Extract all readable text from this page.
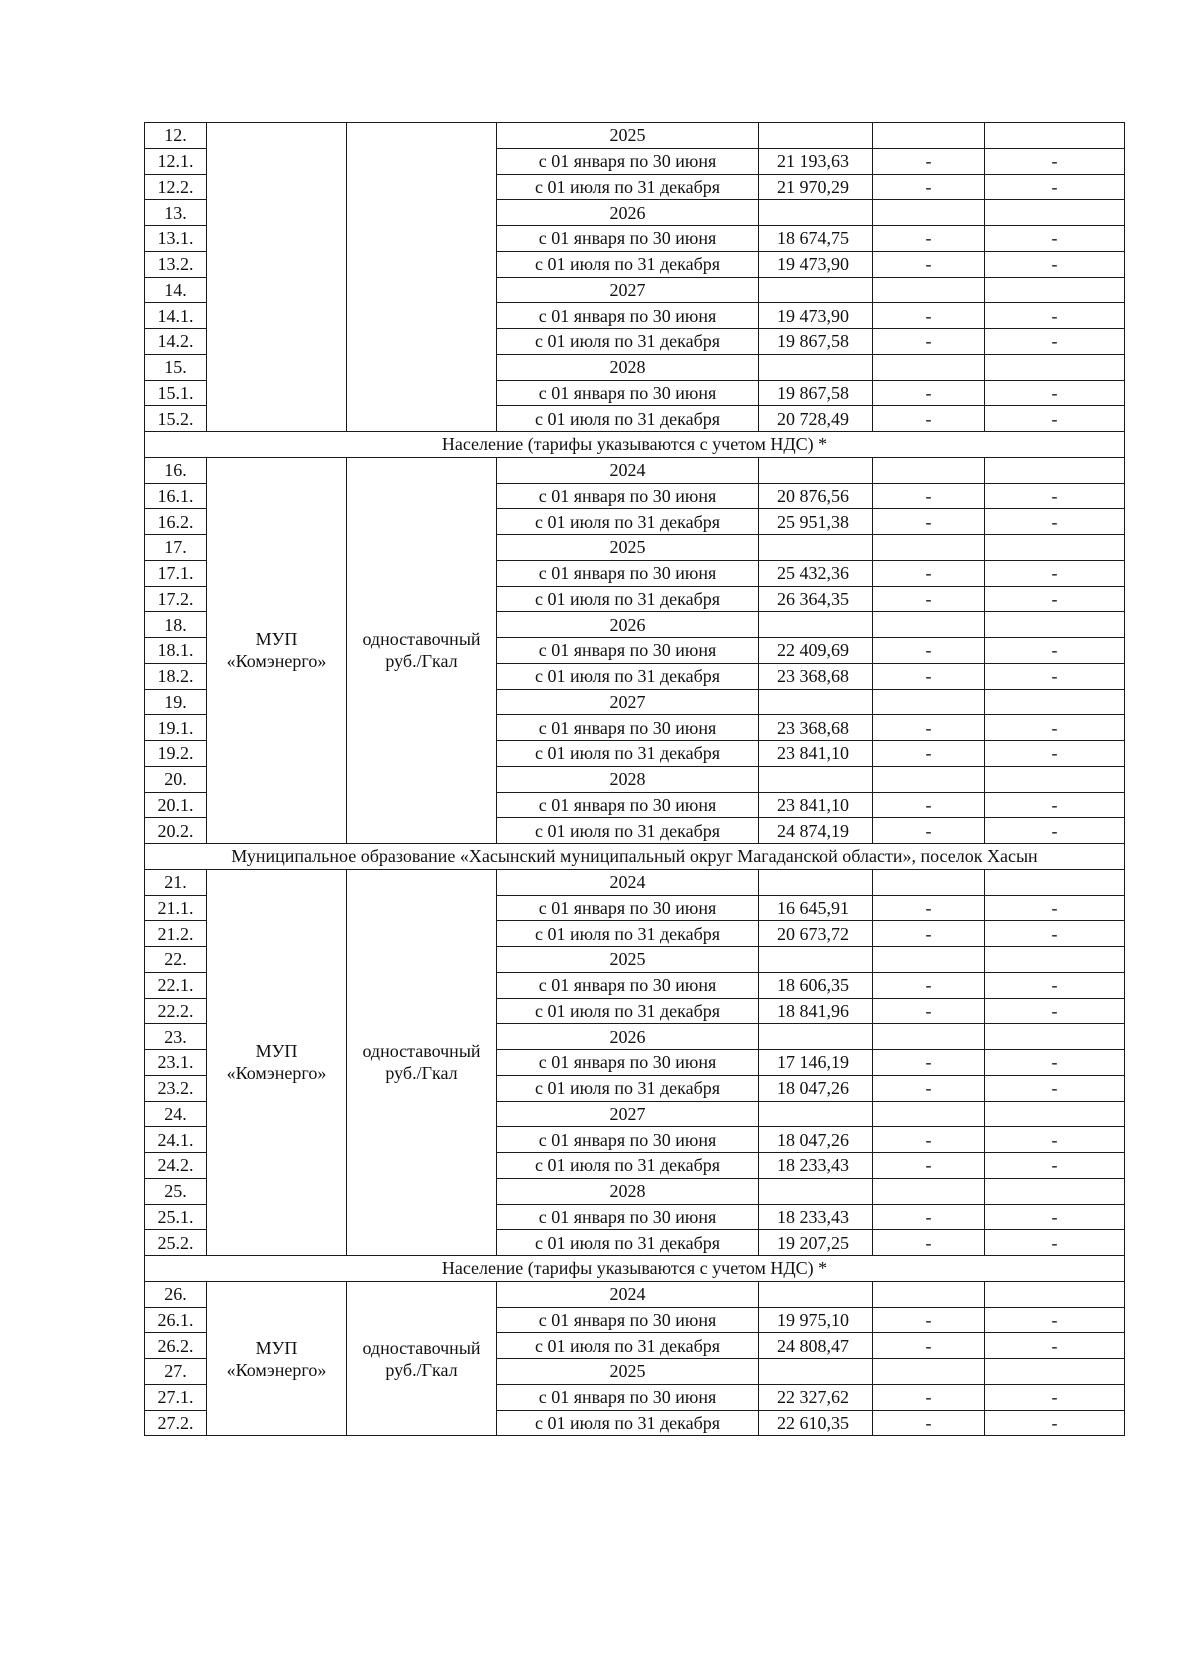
12.			2025			
12.1.			с 01 января по 30 июня	21 193,63	-	-
12.2.			с 01 июля по 31 декабря	21 970,29	-	-
13.			2026			
13.1.			с 01 января по 30 июня	18 674,75	-	-
13.2.			с 01 июля по 31 декабря	19 473,90	-	-
14.			2027			
14.1.			с 01 января по 30 июня	19 473,90	-	-
14.2.			с 01 июля по 31 декабря	19 867,58	-	-
15.			2028			
15.1.			с 01 января по 30 июня	19 867,58	-	-
15.2.			с 01 июля по 31 декабря	20 728,49	-	-
Население (тарифы указываются с учетом НДС) *						
16.	МУП «Комэнерго»	одноставочный руб./Гкал	2024			
16.1.			с 01 января по 30 июня	20 876,56	-	-
16.2.			с 01 июля по 31 декабря	25 951,38	-	-
17.			2025			
17.1.			с 01 января по 30 июня	25 432,36	-	-
17.2.			с 01 июля по 31 декабря	26 364,35	-	-
18.			2026			
18.1.			с 01 января по 30 июня	22 409,69	-	-
18.2.			с 01 июля по 31 декабря	23 368,68	-	-
19.			2027			
19.1.			с 01 января по 30 июня	23 368,68	-	-
19.2.			с 01 июля по 31 декабря	23 841,10	-	-
20.			2028			
20.1.			с 01 января по 30 июня	23 841,10	-	-
20.2.			с 01 июля по 31 декабря	24 874,19	-	-
Муниципальное образование «Хасынский муниципальный округ Магаданской области», поселок Хасын						
21.	МУП «Комэнерго»	одноставочный руб./Гкал	2024			
21.1.			с 01 января по 30 июня	16 645,91	-	-
21.2.			с 01 июля по 31 декабря	20 673,72	-	-
22.			2025			
22.1.			с 01 января по 30 июня	18 606,35	-	-
22.2.			с 01 июля по 31 декабря	18 841,96	-	-
23.			2026			
23.1.			с 01 января по 30 июня	17 146,19	-	-
23.2.			с 01 июля по 31 декабря	18 047,26	-	-
24.			2027			
24.1.			с 01 января по 30 июня	18 047,26	-	-
24.2.			с 01 июля по 31 декабря	18 233,43	-	-
25.			2028			
25.1.			с 01 января по 30 июня	18 233,43	-	-
25.2.			с 01 июля по 31 декабря	19 207,25	-	-
Население (тарифы указываются с учетом НДС) *						
26.	МУП «Комэнерго»	одноставочный руб./Гкал	2024			
26.1.			с 01 января по 30 июня	19 975,10	-	-
26.2.			с 01 июля по 31 декабря	24 808,47	-	-
27.			2025			
27.1.			с 01 января по 30 июня	22 327,62	-	-
27.2.			с 01 июля по 31 декабря	22 610,35	-	-
